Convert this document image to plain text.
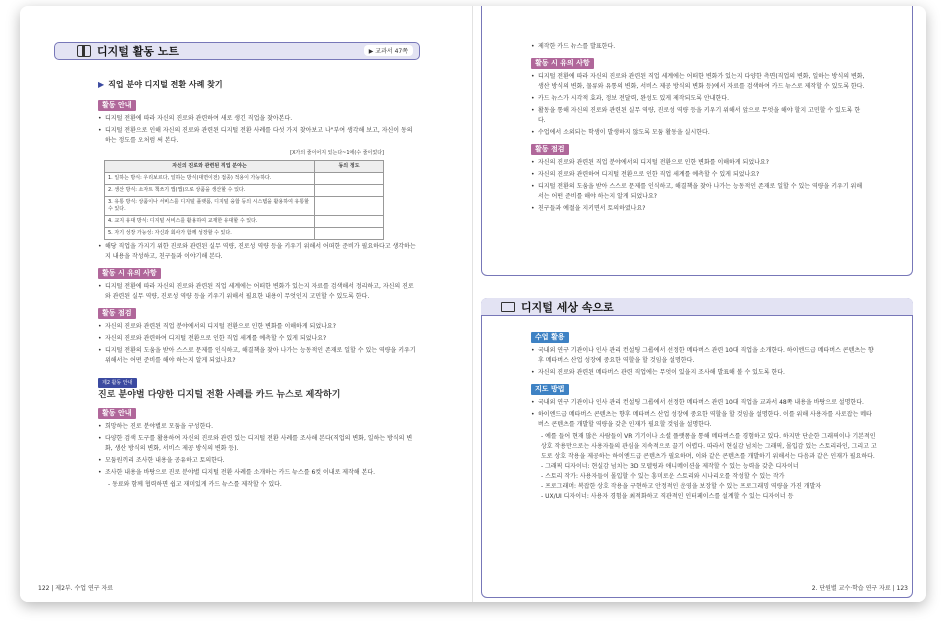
디지털 활동 노트	▶ 교과서 47쪽
▶ 직업 분야 디지털 전환 사례 찾기
활동 안내
• 디지털 전환에 따라 자신의 진로와 관련하여 새로 생긴 직업을 찾아본다.
• 디지털 전환으로 인해 자신의 진로와 관련된 디지털 전환 사례를 다섯 가지 찾아보고 나"부여 생각해 보고, 자신이 동의하는 정도를 오처럼 써 본다.
[X가의 줄이어지 있는다~1에(수 줄이었다]
자신의 진로와 관련된 직업 분야는	동의 정도
1. 일하는 방식: 우리보르다, 일하는 방식(대면이전) 접종) 적용이 가능하다.	
2. 생산 방식: 소자트 책쓰기 앱(앱)으로 상품을 생산할 수 있다.	
3. 유통 방식: 상품이나 서비스를 디지털 플랫폼, 디지털 융합 등의 시스템을 활용하여 유통할 수 있다.	
4. 교지 유대 방식: 디지털 서비스를 활용하여 교재한 유대할 수 있다.	
5. 자기 성장 가능성: 자신과 회사가 함께 성장할 수 있다.	
• 해당 직업을 가지기 위한 진로와 관련된 실무 역량, 진로성 역량 등을 키우기 위해서 어떠한 준비가 필요하다고 생각하는지 내용을 작성하고, 친구들과 이야기해 본다.
활동 시 유의 사항
• 디지털 전환에 따라 자신의 진로와 관련된 직업 세계에는 어떠한 변화가 있는지 자료를 검색해서 정리하고, 자신의 진로와 관련된 실무 역량, 진로성 역량 등을 키우기 위해서 필요한 내용이 무엇인지 고민할 수 있도록 한다.
활동 점검
• 자신의 진로와 관련된 직업 분야에서의 디지털 전환으로 인한 변화를 이해하게 되었나요?
• 자신의 진로와 관련하여 디지털 전환으로 인한 직업 세계를 예측할 수 있게 되었나요?
• 디지털 전환의 도움을 받아 스스로 문제를 인식하고, 해결책을 찾아 나가는 능동적인 존재로 일할 수 있는 역량을 키우기 위해서는 어떤 준비를 해야 하는지 알게 되었나요?
제2 활동 안내
진로 분야별 다양한 디지털 전환 사례를 카드 뉴스로 제작하기
활동 안내
• 희망하는 진로 분야별로 모둠을 구성한다.
• 다양한 검색 도구를 활용하여 자신의 진로와 관련 있는 디지털 전환 사례를 조사해 본다(직업의 변화, 일하는 방식의 변화, 생산 방식의 변화, 서비스 제공 방식의 변화 등).
• 모둠원끼리 조사한 내용을 공유하고 토의한다.
• 조사한 내용을 바탕으로 진로 분야별 디지털 전환 사례를 소개하는 카드 뉴스를 6컷 이내로 제작해 본다.
- 동료와 함께 협력하면 쉽고 재미있게 카드 뉴스를 제작할 수 있다.
122 | 제2부. 수업 연구 자료
• 제작한 카드 뉴스를 발표한다.
활동 시 유의 사항
• 디지털 전환에 따라 자신의 진로와 관련된 직업 세계에는 어떠한 변화가 있는지 다양한 측면(직업의 변화, 일하는 방식의 변화, 생산 방식의 변화, 물류와 유통의 변화, 서비스 제공 방식의 변화 등)에서 자료를 검색하여 카드 뉴스로 제작할 수 있도록 한다.
• 카드 뉴스가 시각적 효과, 정보 전달력, 완성도 있게 제작되도록 안내한다.
• 활동을 통해 자신의 진로와 관련된 실무 역량, 진로성 역량 등을 키우기 위해서 앞으로 무엇을 해야 할지 고민할 수 있도록 한다.
• 수업에서 소외되는 학생이 발생하지 않도록 모둠 활동을 실시한다.
활동 점검
• 자신의 진로와 관련된 직업 분야에서의 디지털 전환으로 인한 변화를 이해하게 되었나요?
• 자신의 진로와 관련하여 디지털 전환으로 인한 직업 세계를 예측할 수 있게 되었나요?
• 디지털 전환의 도움을 받아 스스로 문제를 인식하고, 해결책을 찾아 나가는 능동적인 존재로 일할 수 있는 역량을 키우기 위해서는 어떤 준비를 해야 하는지 알게 되었나요?
• 친구들과 예절을 지키면서 토의하였나요?
디지털 세상 속으로
수업 활용
• 국내외 연구 기관이나 인사 관리 컨설팅 그룹에서 선정한 메타버스 관련 10대 직업을 소개한다. 하이엔드급 메타버스 콘텐츠는 향후 메타버스 산업 성장에 중요한 역할을 할 것임을 설명한다.
• 자신의 진로와 관련된 메타버스 관련 직업에는 무엇이 있을지 조사해 발표해 볼 수 있도록 한다.
지도 방법
• 국내외 연구 기관이나 인사 관리 컨설팅 그룹에서 선정한 메타버스 관련 10대 직업을 교과서 48쪽 내용을 바탕으로 설명한다.
• 하이엔드급 메타버스 콘텐츠는 향후 메타버스 산업 성장에 중요한 역할을 할 것임을 설명한다. 이를 위해 사용자를 사로잡는 메타버스 콘텐츠를 개발할 역량을 갖춘 인재가 필요할 것임을 설명한다.
- 예를 들어 현재 많은 사람들이 VR 기기이나 소셜 플랫폼을 통해 메타버스를 경험하고 있다. 하지만 단순한 그래픽이나 기본적인 상호 작용만으로는 사용자들의 관심을 지속적으로 끌기 어렵다. 따라서 현실감 넘치는 그래픽, 몰입감 있는 스토리라인, 그리고 고도로 상호 작용을 제공하는 하이엔드급 콘텐츠가 필요하며, 이와 같은 콘텐츠를 개발하기 위해서는 다음과 같은 인재가 필요하다.
- 그래픽 디자이너: 현실감 넘치는 3D 모델링과 애니메이션을 제작할 수 있는 능력을 갖춘 디자이너
- 스토리 작가: 사용자들이 몰입할 수 있는 흥미로운 스토리와 시나리오를 작성할 수 있는 작가
- 프로그래머: 복잡한 상호 작용을 구현하고 안정적인 운영을 보장할 수 있는 프로그래밍 역량을 가진 개발자
- UX/UI 디자이너: 사용자 경험을 최적화하고 직관적인 인터페이스를 설계할 수 있는 디자이너 등
2. 단원별 교수·학습 연구 자료 | 123
